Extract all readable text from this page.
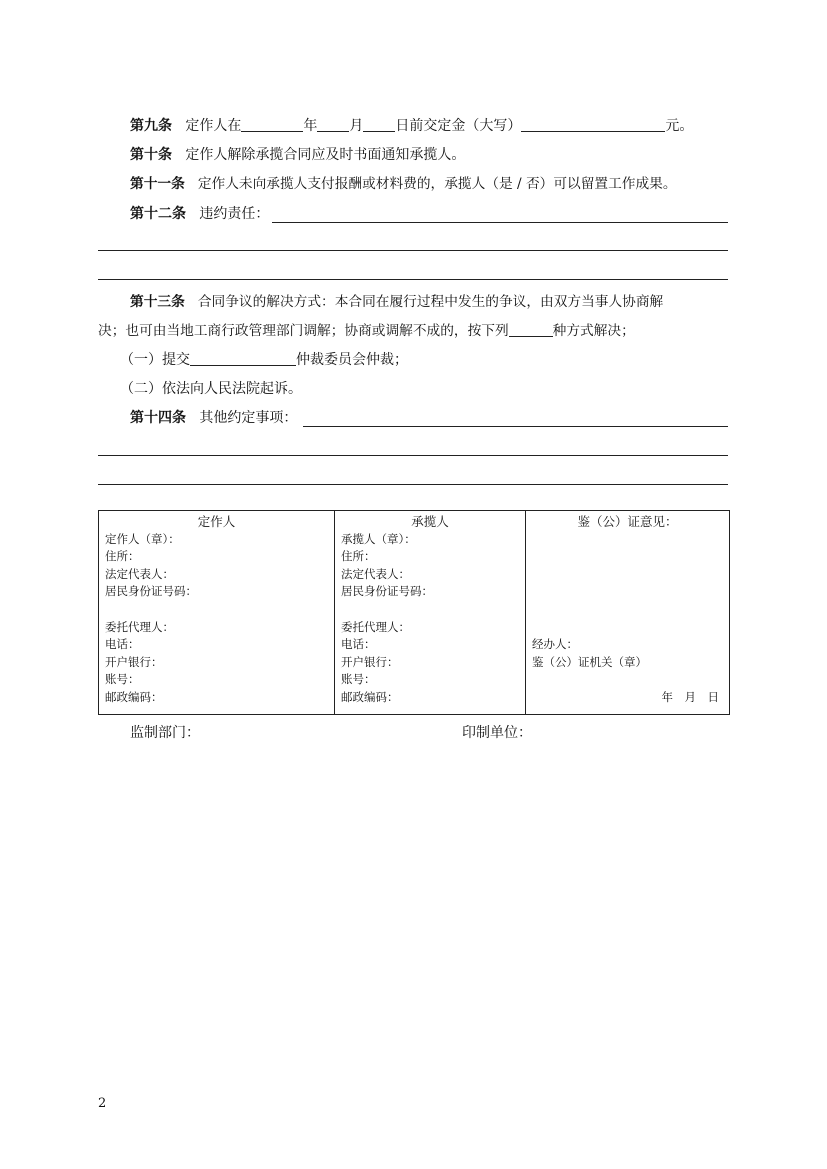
第九条 定作人在	年 月 日前交定金（大写）	元。
第十条 定作人解除承揽合同应及时书面通知承揽人。
第十一条 定作人未向承揽人支付报酬或材料费的，承揽人（是 / 否）可以留置工作成果。
第十二条 违约责任：
第十三条 合同争议的解决方式：本合同在履行过程中发生的争议，由双方当事人协商解
决；也可由当地工商行政管理部门调解；协商或调解不成的，按下列	种方式解决；
（一）提交	仲裁委员会仲裁；
（二）依法向人民法院起诉。
第十四条 其他约定事项：
定作人
定作人（章）：
住所：
法定代表人：
居民身份证号码：
委托代理人：
电话：
开户银行：
账号：
邮政编码：

承揽人
承揽人（章）：
住所：
法定代表人：
居民身份证号码：
委托代理人：
电话：
开户银行：
账号：
邮政编码：

鉴（公）证意见：
经办人：
鉴（公）证机关（章）
年　月　日
监制部门：	印制单位：
2
